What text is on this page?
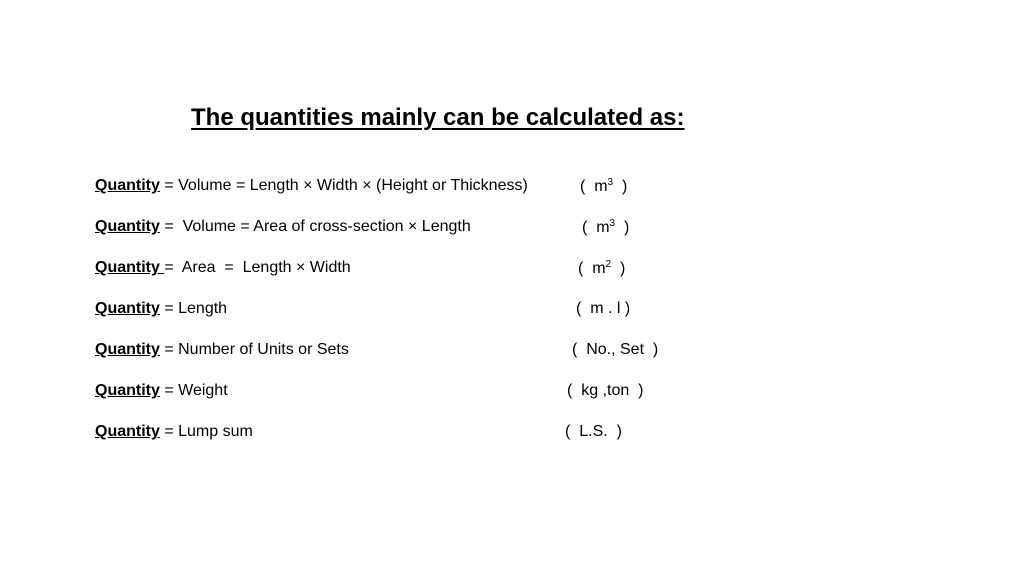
The quantities mainly can be calculated as:
Quantity = Volume = Length × Width × (Height or Thickness)	( $m^3$ )
Quantity =  Volume = Area of cross-section × Length	( $m^3$ )
Quantity =  Area  =  Length × Width	( $m^2$ )
Quantity = Length	( m . l )
Quantity = Number of Units or Sets	( No., Set )
Quantity = Weight	( kg ,ton )
Quantity = Lump sum	( L.S. )
